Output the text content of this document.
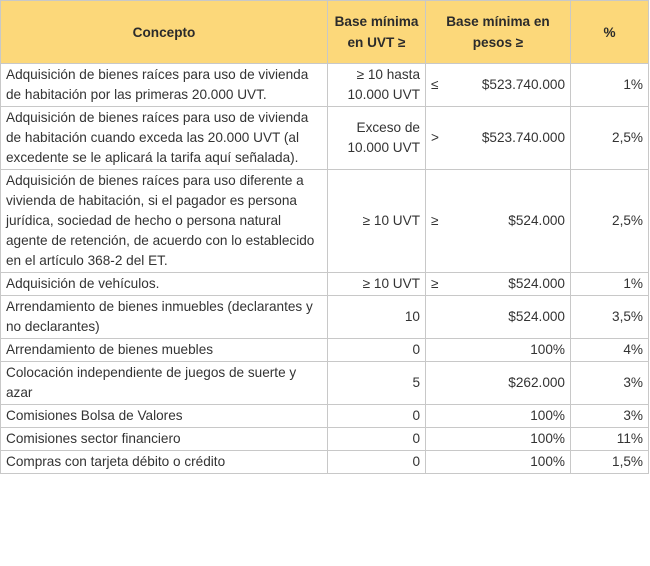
Concepto	Base mínima en UVT ≥	Base mínima en pesos ≥		%
Adquisición de bienes raíces para uso de vivienda de habitación por las primeras 20.000 UVT.	≥ 10 hasta 10.000 UVT	≤	$523.740.000	1%
Adquisición de bienes raíces para uso de vivienda de habitación cuando exceda las 20.000 UVT (al excedente se le aplicará la tarifa aquí señalada).	Exceso de 10.000 UVT	>	$523.740.000	2,5%
Adquisición de bienes raíces para uso diferente a vivienda de habitación, si el pagador es persona jurídica, sociedad de hecho o persona natural agente de retención, de acuerdo con lo establecido en el artículo 368-2 del ET.	≥ 10 UVT	≥	$524.000	2,5%
Adquisición de vehículos.	≥ 10 UVT	≥	$524.000	1%
Arrendamiento de bienes inmuebles (declarantes y no declarantes)	10		$524.000	3,5%
Arrendamiento de bienes muebles	0		100%	4%
Colocación independiente de juegos de suerte y azar	5		$262.000	3%
Comisiones Bolsa de Valores	0		100%	3%
Comisiones sector financiero	0		100%	11%
Compras con tarjeta débito o crédito	0		100%	1,5%
